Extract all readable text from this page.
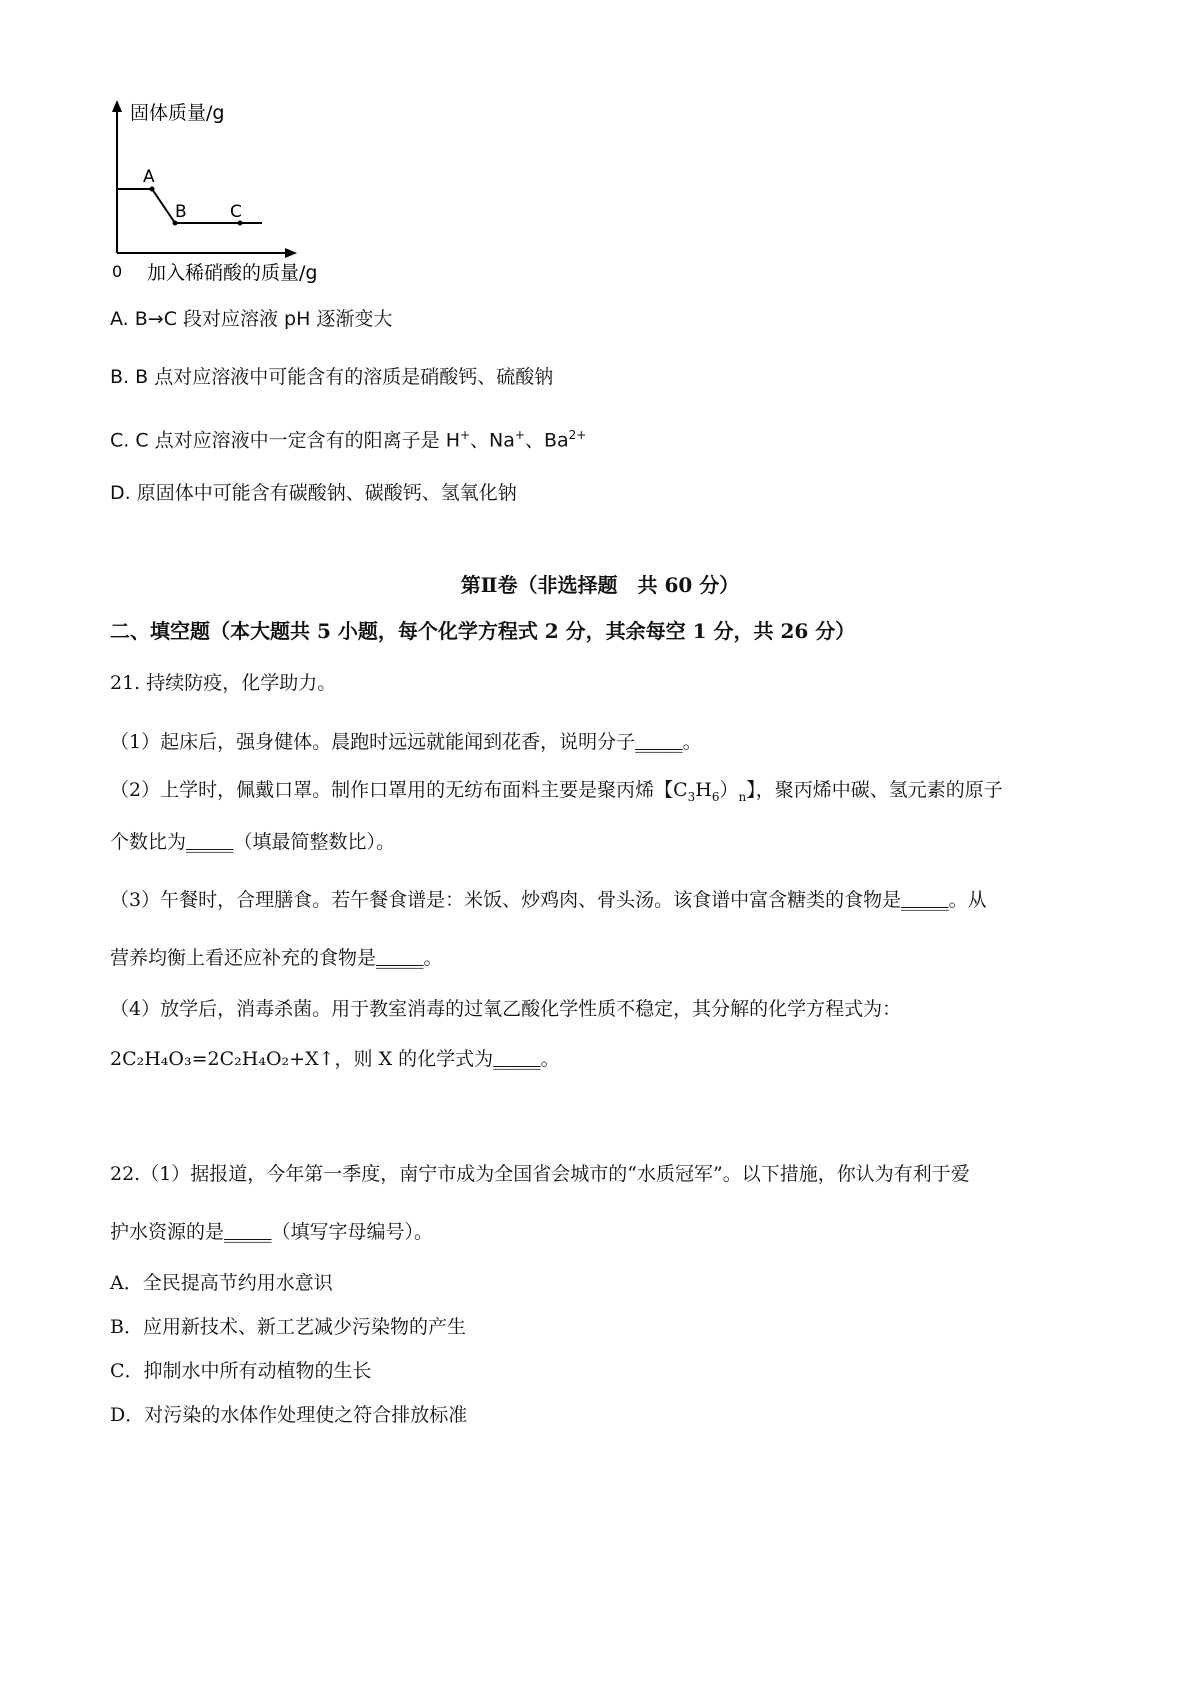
固体质量/g
A
B	C
0 加入稀硝酸的质量/g
A. B→C 段对应溶液 pH 逐渐变大
B. B 点对应溶液中可能含有的溶质是硝酸钙、硫酸钠
C. C 点对应溶液中一定含有的阳离子是 H+、Na+、$Ba^{2+}$
D. 原固体中可能含有碳酸钠、碳酸钙、氢氧化钠
第Ⅱ卷（非选择题　共 60 分）
二、填空题（本大题共 5 小题，每个化学方程式 2 分，其余每空 1 分，共 26 分）
21. 持续防疫，化学助力。
（1）起床后，强身健体。晨跑时远远就能闻到花香，说明分子_____。
（2）上学时，佩戴口罩。制作口罩用的无纺布面料主要是聚丙烯【$C_3H_6)_n$】，聚丙烯中碳、氢元素的原子
个数比为_____（填最简整数比）。
（3）午餐时，合理膳食。若午餐食谱是：米饭、炒鸡肉、骨头汤。该食谱中富含糖类的食物是_____。从
营养均衡上看还应补充的食物是_____。
（4）放学后，消毒杀菌。用于教室消毒的过氧乙酸化学性质不稳定，其分解的化学方程式为：
2C₂H₄O₃=2C₂H₄O₂+X↑，则 X 的化学式为_____。
22.（1）据报道，今年第一季度，南宁市成为全国省会城市的“水质冠军”。以下措施，你认为有利于爱
护水资源的是_____（填写字母编号）。
A．全民提高节约用水意识
B．应用新技术、新工艺减少污染物的产生
C．抑制水中所有动植物的生长
D．对污染的水体作处理使之符合排放标准
